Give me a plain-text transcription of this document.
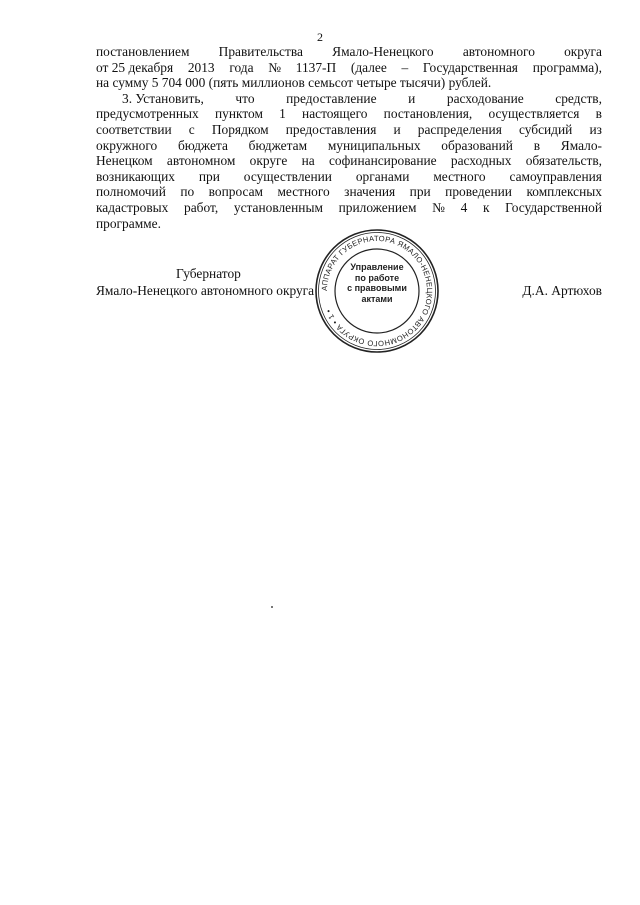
2
постановлением Правительства Ямало-Ненецкого автономного округа
от 25 декабря 2013 года № 1137-П (далее – Государственная программа),
на сумму 5 704 000 (пять миллионов семьсот четыре тысячи) рублей.
3. Установить, что предоставление и расходование средств,
предусмотренных пунктом 1 настоящего постановления, осуществляется в
соответствии с Порядком предоставления и распределения субсидий из
окружного бюджета бюджетам муниципальных образований в Ямало-
Ненецком автономном округе на софинансирование расходных обязательств,
возникающих при осуществлении органами местного самоуправления
полномочий по вопросам местного значения при проведении комплексных
кадастровых работ, установленным приложением № 4 к Государственной
программе.
Губернатор
Ямало-Ненецкого автономного округа	Д.А. Артюхов
АППАРАТ ГУБЕРНАТОРА ЯМАЛО-НЕНЕЦКОГО АВТОНОМНОГО ОКРУГА • 1 •
Управление
по работе
с правовыми
актами
